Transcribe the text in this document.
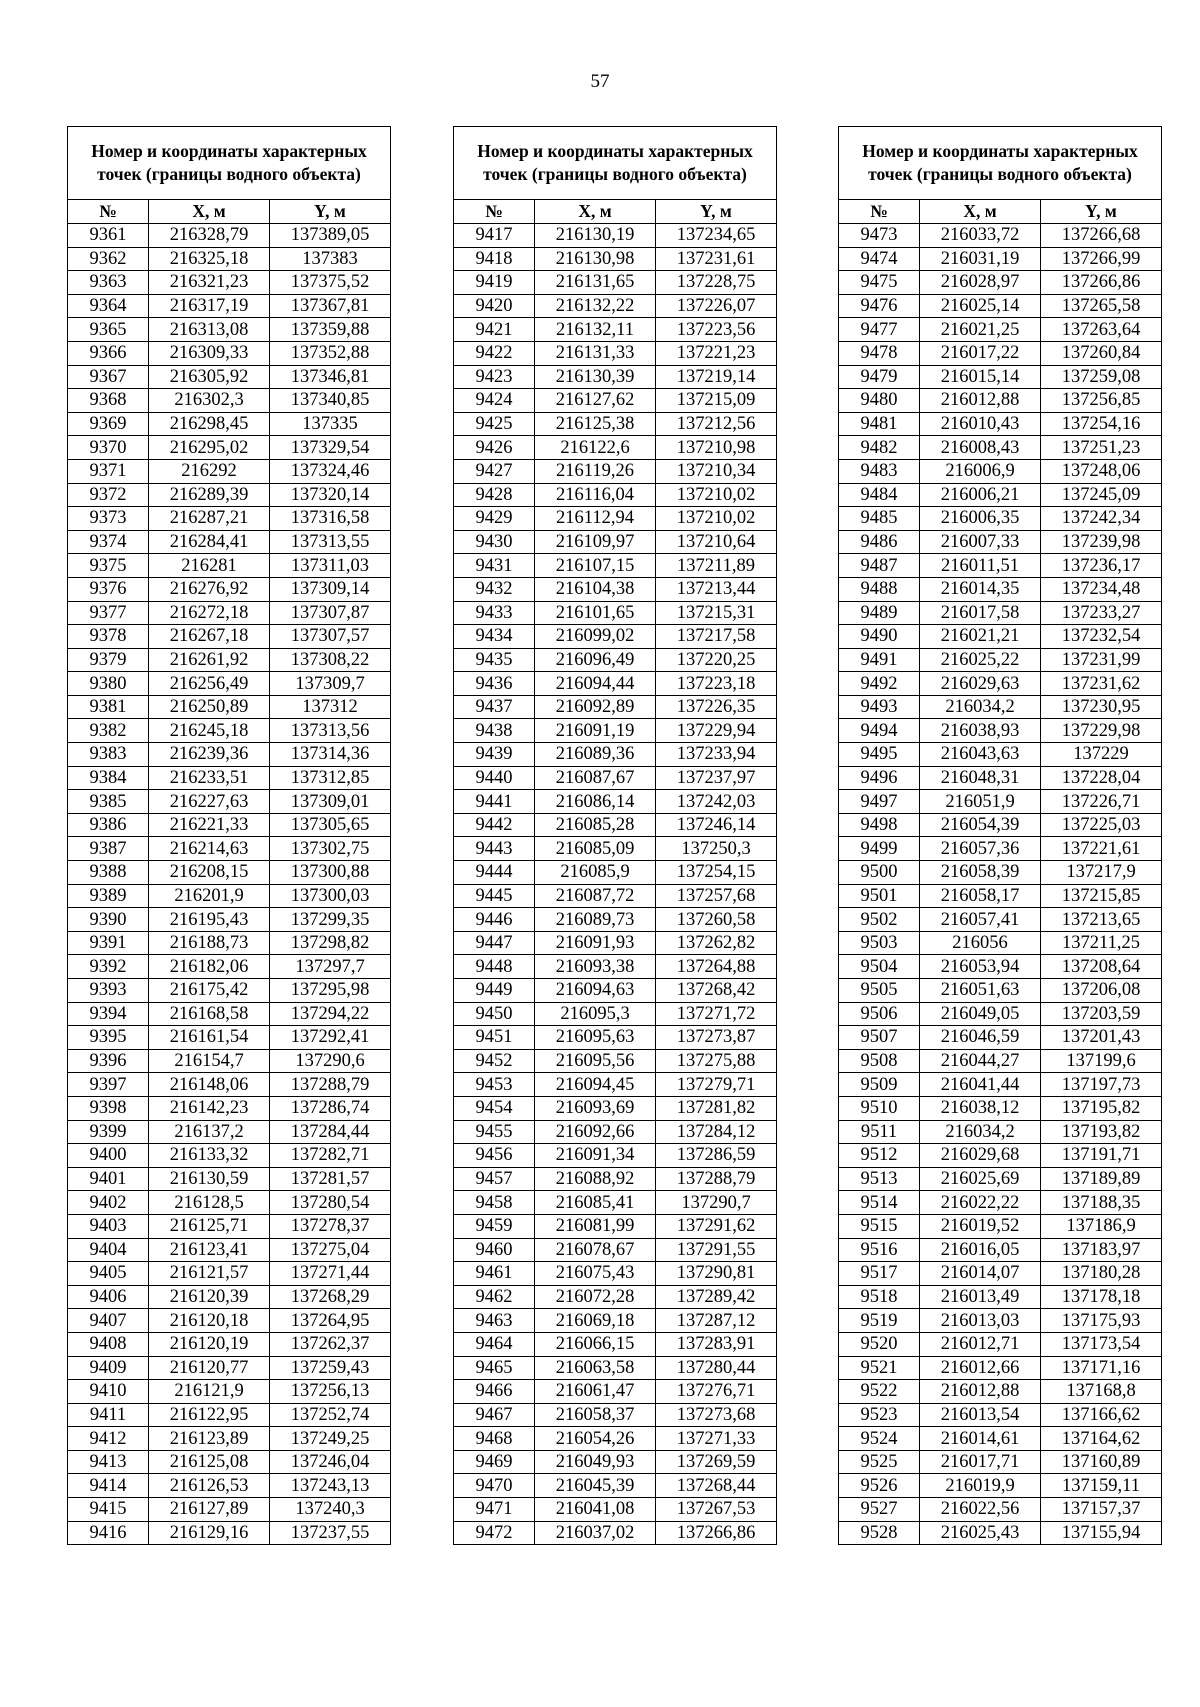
57
Номер и координаты характерных точек (границы водного объекта)		
№	X, м	Y, м
9361	216328,79	137389,05
9362	216325,18	137383
9363	216321,23	137375,52
9364	216317,19	137367,81
9365	216313,08	137359,88
9366	216309,33	137352,88
9367	216305,92	137346,81
9368	216302,3	137340,85
9369	216298,45	137335
9370	216295,02	137329,54
9371	216292	137324,46
9372	216289,39	137320,14
9373	216287,21	137316,58
9374	216284,41	137313,55
9375	216281	137311,03
9376	216276,92	137309,14
9377	216272,18	137307,87
9378	216267,18	137307,57
9379	216261,92	137308,22
9380	216256,49	137309,7
9381	216250,89	137312
9382	216245,18	137313,56
9383	216239,36	137314,36
9384	216233,51	137312,85
9385	216227,63	137309,01
9386	216221,33	137305,65
9387	216214,63	137302,75
9388	216208,15	137300,88
9389	216201,9	137300,03
9390	216195,43	137299,35
9391	216188,73	137298,82
9392	216182,06	137297,7
9393	216175,42	137295,98
9394	216168,58	137294,22
9395	216161,54	137292,41
9396	216154,7	137290,6
9397	216148,06	137288,79
9398	216142,23	137286,74
9399	216137,2	137284,44
9400	216133,32	137282,71
9401	216130,59	137281,57
9402	216128,5	137280,54
9403	216125,71	137278,37
9404	216123,41	137275,04
9405	216121,57	137271,44
9406	216120,39	137268,29
9407	216120,18	137264,95
9408	216120,19	137262,37
9409	216120,77	137259,43
9410	216121,9	137256,13
9411	216122,95	137252,74
9412	216123,89	137249,25
9413	216125,08	137246,04
9414	216126,53	137243,13
9415	216127,89	137240,3
9416	216129,16	137237,55
Номер и координаты характерных точек (границы водного объекта)		
№	X, м	Y, м
9417	216130,19	137234,65
9418	216130,98	137231,61
9419	216131,65	137228,75
9420	216132,22	137226,07
9421	216132,11	137223,56
9422	216131,33	137221,23
9423	216130,39	137219,14
9424	216127,62	137215,09
9425	216125,38	137212,56
9426	216122,6	137210,98
9427	216119,26	137210,34
9428	216116,04	137210,02
9429	216112,94	137210,02
9430	216109,97	137210,64
9431	216107,15	137211,89
9432	216104,38	137213,44
9433	216101,65	137215,31
9434	216099,02	137217,58
9435	216096,49	137220,25
9436	216094,44	137223,18
9437	216092,89	137226,35
9438	216091,19	137229,94
9439	216089,36	137233,94
9440	216087,67	137237,97
9441	216086,14	137242,03
9442	216085,28	137246,14
9443	216085,09	137250,3
9444	216085,9	137254,15
9445	216087,72	137257,68
9446	216089,73	137260,58
9447	216091,93	137262,82
9448	216093,38	137264,88
9449	216094,63	137268,42
9450	216095,3	137271,72
9451	216095,63	137273,87
9452	216095,56	137275,88
9453	216094,45	137279,71
9454	216093,69	137281,82
9455	216092,66	137284,12
9456	216091,34	137286,59
9457	216088,92	137288,79
9458	216085,41	137290,7
9459	216081,99	137291,62
9460	216078,67	137291,55
9461	216075,43	137290,81
9462	216072,28	137289,42
9463	216069,18	137287,12
9464	216066,15	137283,91
9465	216063,58	137280,44
9466	216061,47	137276,71
9467	216058,37	137273,68
9468	216054,26	137271,33
9469	216049,93	137269,59
9470	216045,39	137268,44
9471	216041,08	137267,53
9472	216037,02	137266,86
Номер и координаты характерных точек (границы водного объекта)		
№	X, м	Y, м
9473	216033,72	137266,68
9474	216031,19	137266,99
9475	216028,97	137266,86
9476	216025,14	137265,58
9477	216021,25	137263,64
9478	216017,22	137260,84
9479	216015,14	137259,08
9480	216012,88	137256,85
9481	216010,43	137254,16
9482	216008,43	137251,23
9483	216006,9	137248,06
9484	216006,21	137245,09
9485	216006,35	137242,34
9486	216007,33	137239,98
9487	216011,51	137236,17
9488	216014,35	137234,48
9489	216017,58	137233,27
9490	216021,21	137232,54
9491	216025,22	137231,99
9492	216029,63	137231,62
9493	216034,2	137230,95
9494	216038,93	137229,98
9495	216043,63	137229
9496	216048,31	137228,04
9497	216051,9	137226,71
9498	216054,39	137225,03
9499	216057,36	137221,61
9500	216058,39	137217,9
9501	216058,17	137215,85
9502	216057,41	137213,65
9503	216056	137211,25
9504	216053,94	137208,64
9505	216051,63	137206,08
9506	216049,05	137203,59
9507	216046,59	137201,43
9508	216044,27	137199,6
9509	216041,44	137197,73
9510	216038,12	137195,82
9511	216034,2	137193,82
9512	216029,68	137191,71
9513	216025,69	137189,89
9514	216022,22	137188,35
9515	216019,52	137186,9
9516	216016,05	137183,97
9517	216014,07	137180,28
9518	216013,49	137178,18
9519	216013,03	137175,93
9520	216012,71	137173,54
9521	216012,66	137171,16
9522	216012,88	137168,8
9523	216013,54	137166,62
9524	216014,61	137164,62
9525	216017,71	137160,89
9526	216019,9	137159,11
9527	216022,56	137157,37
9528	216025,43	137155,94
